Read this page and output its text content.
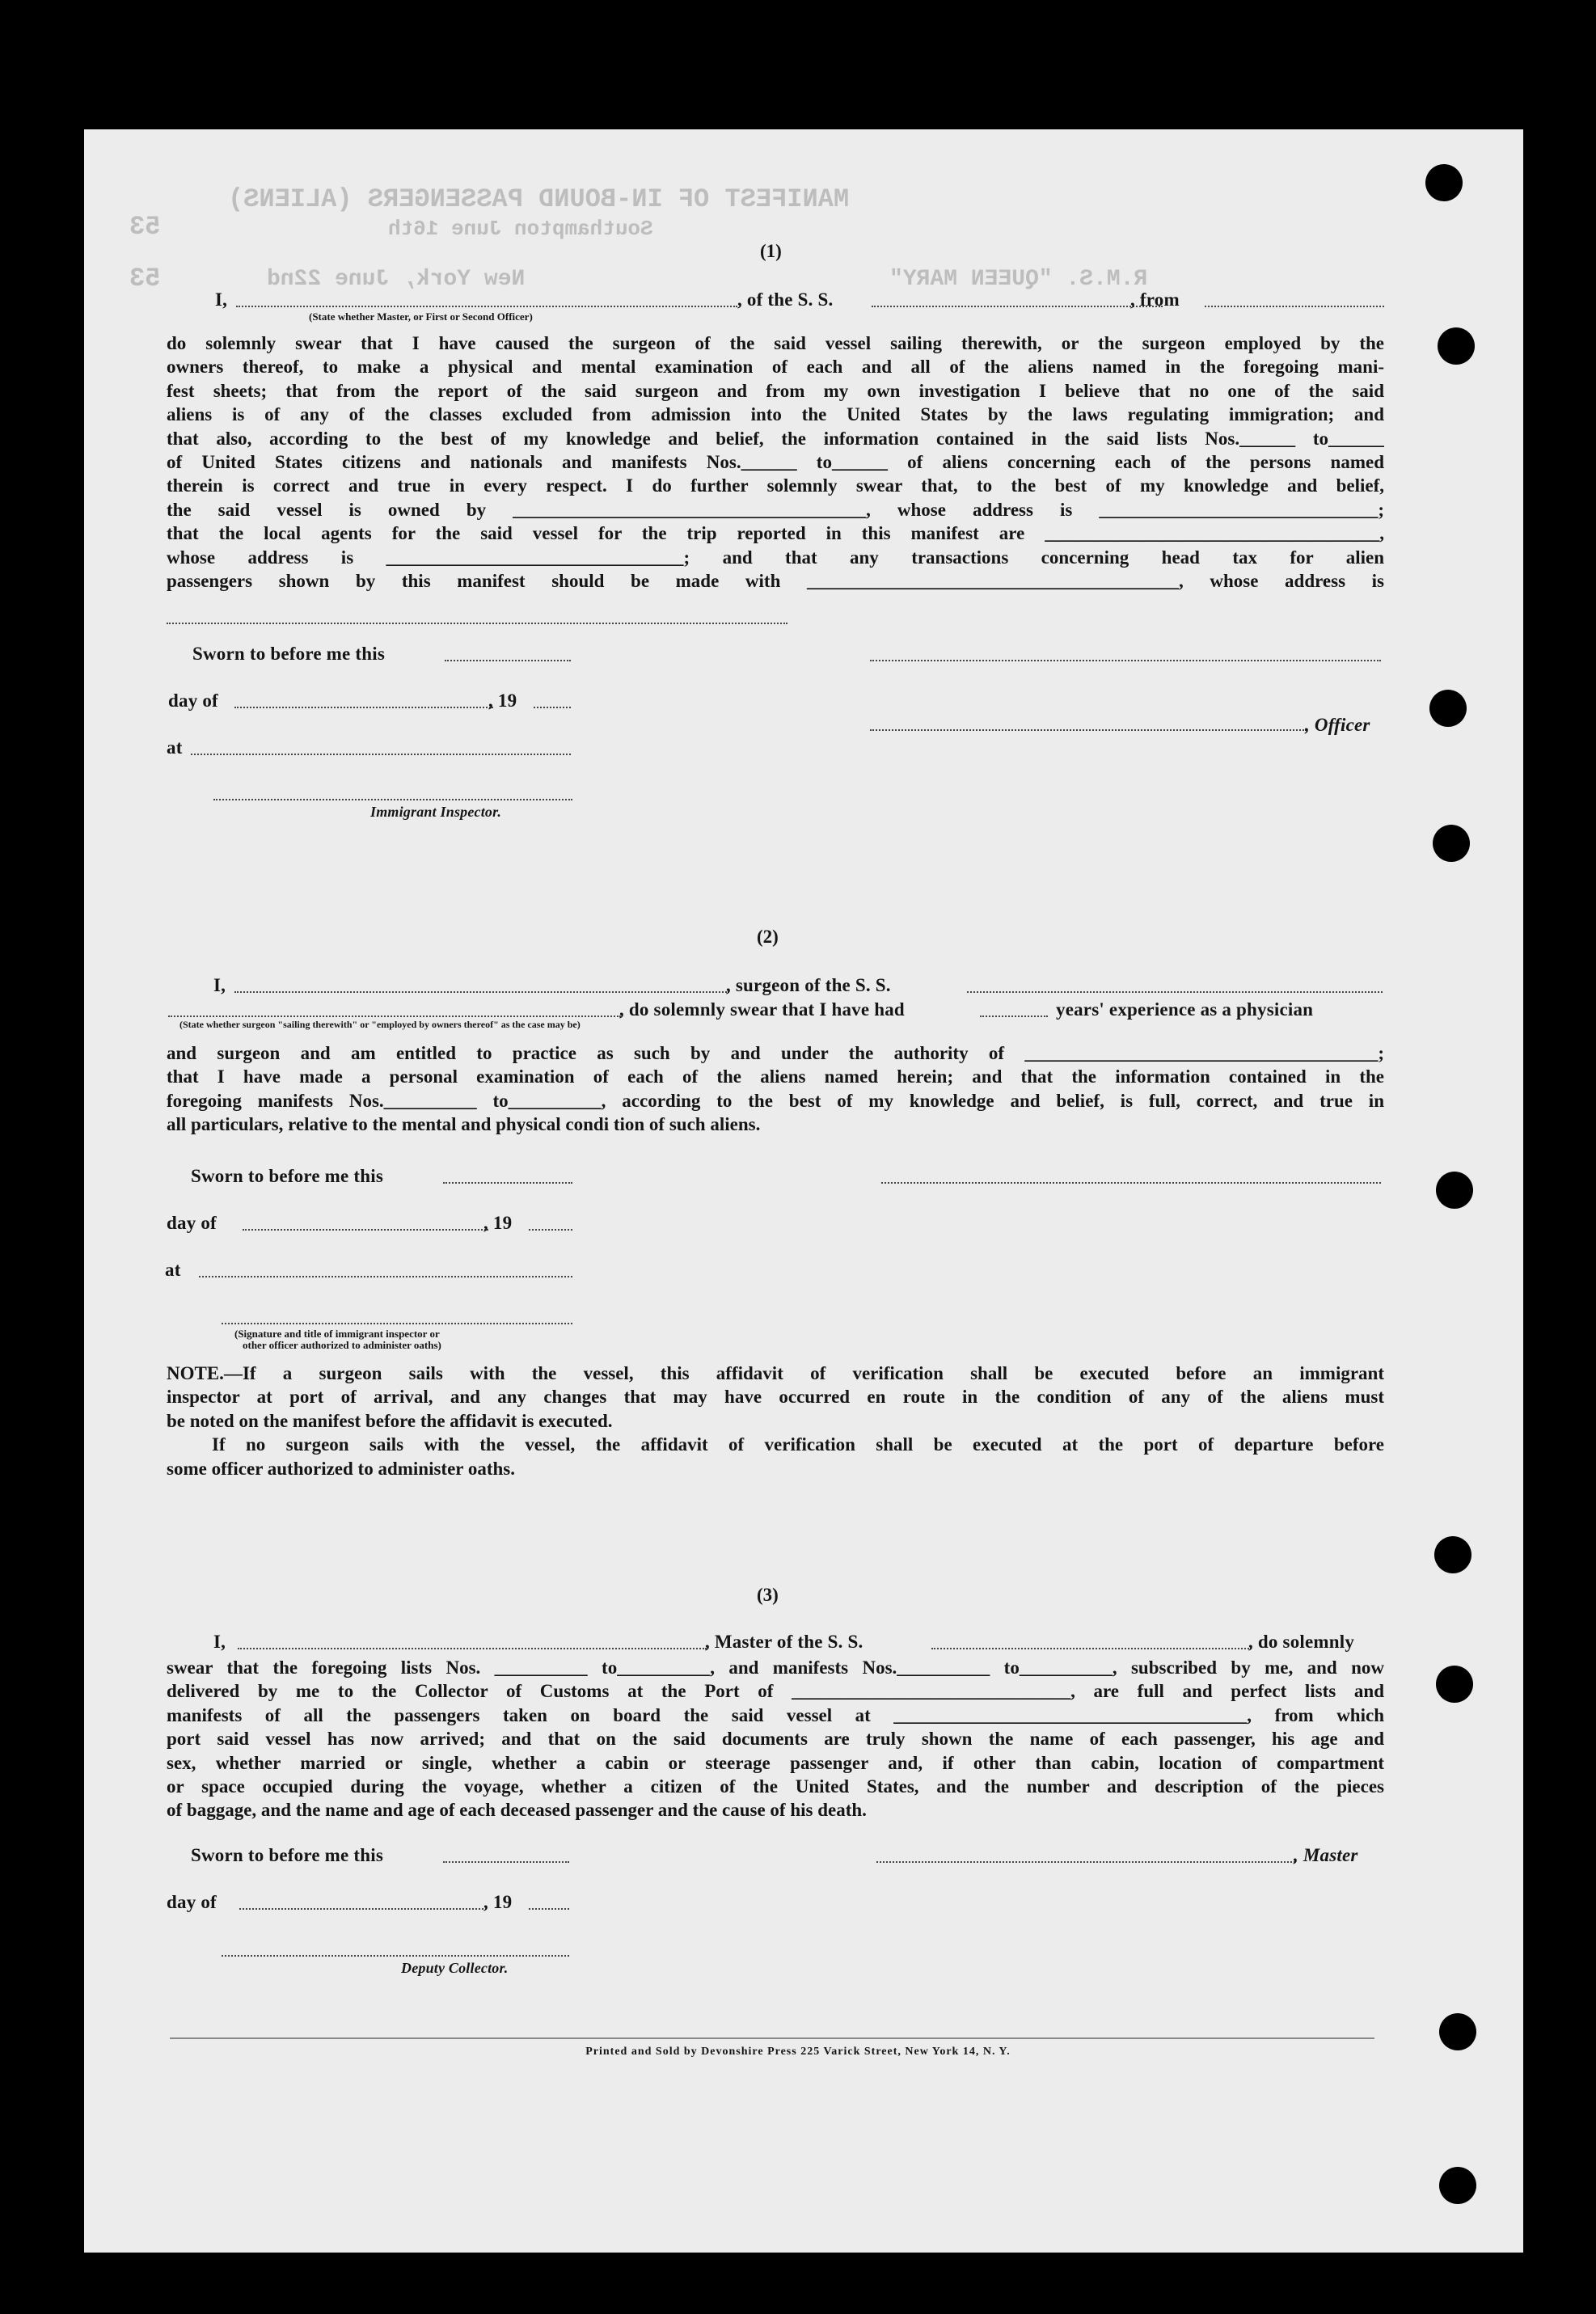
MANIFEST OF IN-BOUND PASSENGERS (ALIENS)
Southampton June 16th
New York, June 22nd	R.M.S. "QUEEN MARY"
53
53
(1)
I,	, of the S. S.	, from
(State whether Master, or First or Second Officer)
do solemnly swear that I have caused the surgeon of the said vessel sailing therewith, or the surgeon employed by the
owners thereof, to make a physical and mental examination of each and all of the aliens named in the foregoing mani-
fest sheets; that from the report of the said surgeon and from my own investigation I believe that no one of the said
aliens is of any of the classes excluded from admission into the United States by the laws regulating immigration; and
that also, according to the best of my knowledge and belief, the information contained in the said lists Nos.______ to______
of United States citizens and nationals and manifests Nos.______ to______ of aliens concerning each of the persons named
therein is correct and true in every respect. I do further solemnly swear that, to the best of my knowledge and belief,
the said vessel is owned by ______________________________________, whose address is ______________________________;
that the local agents for the said vessel for the trip reported in this manifest are ____________________________________,
whose address is ________________________________; and that any transactions concerning head tax for alien
passengers shown by this manifest should be made with ________________________________________, whose address is
Sworn to before me this
day of	, 19
, Officer
at
Immigrant Inspector.
(2)
I,	, surgeon of the S. S.
, do solemnly swear that I have had	years' experience as a physician
(State whether surgeon "sailing therewith" or "employed by owners thereof" as the case may be)
and surgeon and am entitled to practice as such by and under the authority of ______________________________________;
that I have made a personal examination of each of the aliens named herein; and that the information contained in the
foregoing manifests Nos.__________ to__________, according to the best of my knowledge and belief, is full, correct, and true in
all particulars, relative to the mental and physical condi tion of such aliens.
Sworn to before me this
day of	, 19
at
(Signature and title of immigrant inspector or
other officer authorized to administer oaths)
NOTE.—If a surgeon sails with the vessel, this affidavit of verification shall be executed before an immigrant
inspector at port of arrival, and any changes that may have occurred en route in the condition of any of the aliens must
be noted on the manifest before the affidavit is executed.
If no surgeon sails with the vessel, the affidavit of verification shall be executed at the port of departure before
some officer authorized to administer oaths.
(3)
I,	, Master of the S. S.	, do solemnly
swear that the foregoing lists Nos. __________ to__________, and manifests Nos.__________ to__________, subscribed by me, and now
delivered by me to the Collector of Customs at the Port of ______________________________, are full and perfect lists and
manifests of all the passengers taken on board the said vessel at ______________________________________, from which
port said vessel has now arrived; and that on the said documents are truly shown the name of each passenger, his age and
sex, whether married or single, whether a cabin or steerage passenger and, if other than cabin, location of compartment
or space occupied during the voyage, whether a citizen of the United States, and the number and description of the pieces
of baggage, and the name and age of each deceased passenger and the cause of his death.
Sworn to before me this	, Master
day of	, 19
Deputy Collector.
Printed and Sold by Devonshire Press 225 Varick Street, New York 14, N. Y.
